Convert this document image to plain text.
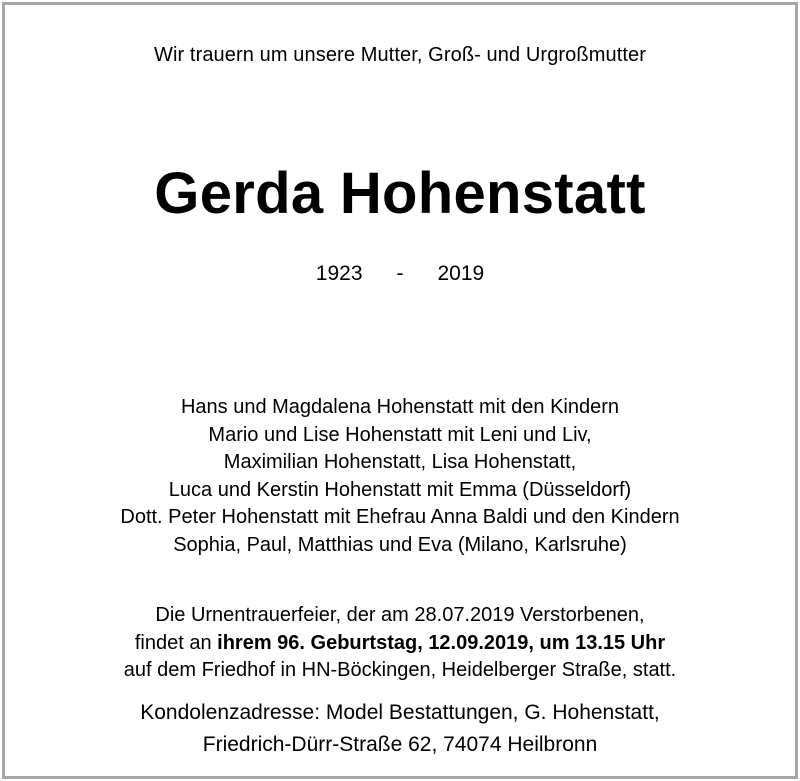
Wir trauern um unsere Mutter, Groß- und Urgroßmutter
Gerda Hohenstatt
1923 - 2019
Hans und Magdalena Hohenstatt mit den Kindern
Mario und Lise Hohenstatt mit Leni und Liv,
Maximilian Hohenstatt, Lisa Hohenstatt,
Luca und Kerstin Hohenstatt mit Emma (Düsseldorf)
Dott. Peter Hohenstatt mit Ehefrau Anna Baldi und den Kindern
Sophia, Paul, Matthias und Eva (Milano, Karlsruhe)
Die Urnentrauerfeier, der am 28.07.2019 Verstorbenen,
findet an ihrem 96. Geburtstag, 12.09.2019, um 13.15 Uhr
auf dem Friedhof in HN-Böckingen, Heidelberger Straße, statt.
Kondolenzadresse: Model Bestattungen, G. Hohenstatt,
Friedrich-Dürr-Straße 62, 74074 Heilbronn
